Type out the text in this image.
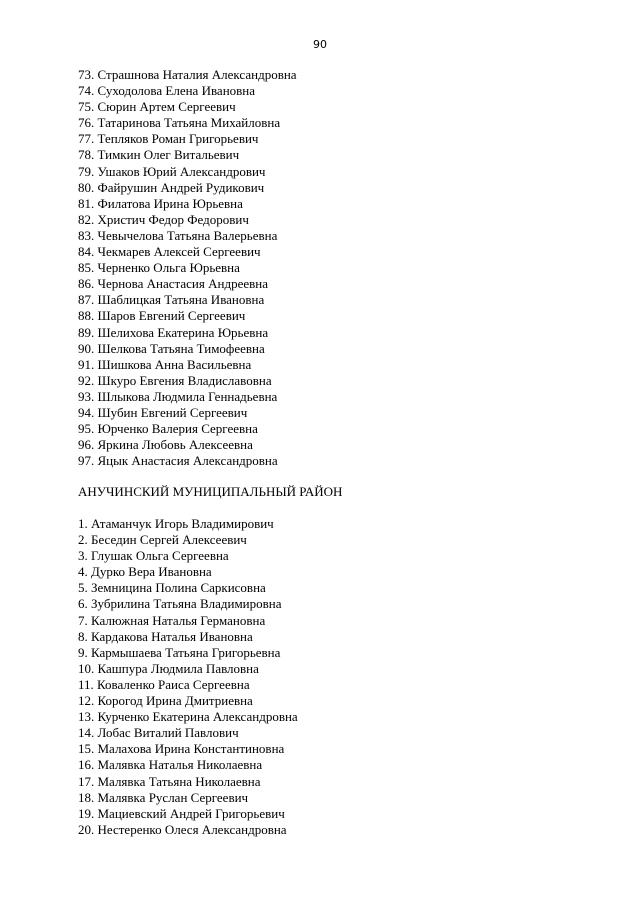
90
73. Страшнова Наталия Александровна
74. Суходолова Елена Ивановна
75. Сюрин Артем Сергеевич
76. Татаринова Татьяна Михайловна
77. Тепляков Роман Григорьевич
78. Тимкин Олег Витальевич
79. Ушаков Юрий Александрович
80. Файрушин Андрей Рудикович
81. Филатова Ирина Юрьевна
82. Христич Федор Федорович
83. Чевычелова Татьяна Валерьевна
84. Чекмарев Алексей Сергеевич
85. Черненко Ольга Юрьевна
86. Чернова Анастасия Андреевна
87. Шаблицкая Татьяна Ивановна
88. Шаров Евгений Сергеевич
89. Шелихова Екатерина Юрьевна
90. Шелкова Татьяна Тимофеевна
91. Шишкова Анна Васильевна
92. Шкуро Евгения Владиславовна
93. Шлыкова Людмила Геннадьевна
94. Шубин Евгений Сергеевич
95. Юрченко Валерия Сергеевна
96. Яркина Любовь Алексеевна
97. Яцык Анастасия Александровна
АНУЧИНСКИЙ МУНИЦИПАЛЬНЫЙ РАЙОН
1. Атаманчук Игорь Владимирович
2. Беседин Сергей Алексеевич
3. Глушак Ольга Сергеевна
4. Дурко Вера Ивановна
5. Земницина Полина Саркисовна
6. Зубрилина Татьяна Владимировна
7. Калюжная Наталья Германовна
8. Кардакова Наталья Ивановна
9. Кармышаева Татьяна Григорьевна
10. Кашпура Людмила Павловна
11. Коваленко Раиса Сергеевна
12. Корогод Ирина Дмитриевна
13. Курченко Екатерина Александровна
14. Лобас Виталий Павлович
15. Малахова Ирина Константиновна
16. Малявка Наталья Николаевна
17. Малявка Татьяна Николаевна
18. Малявка Руслан Сергеевич
19. Мациевский Андрей Григорьевич
20. Нестеренко Олеся Александровна
